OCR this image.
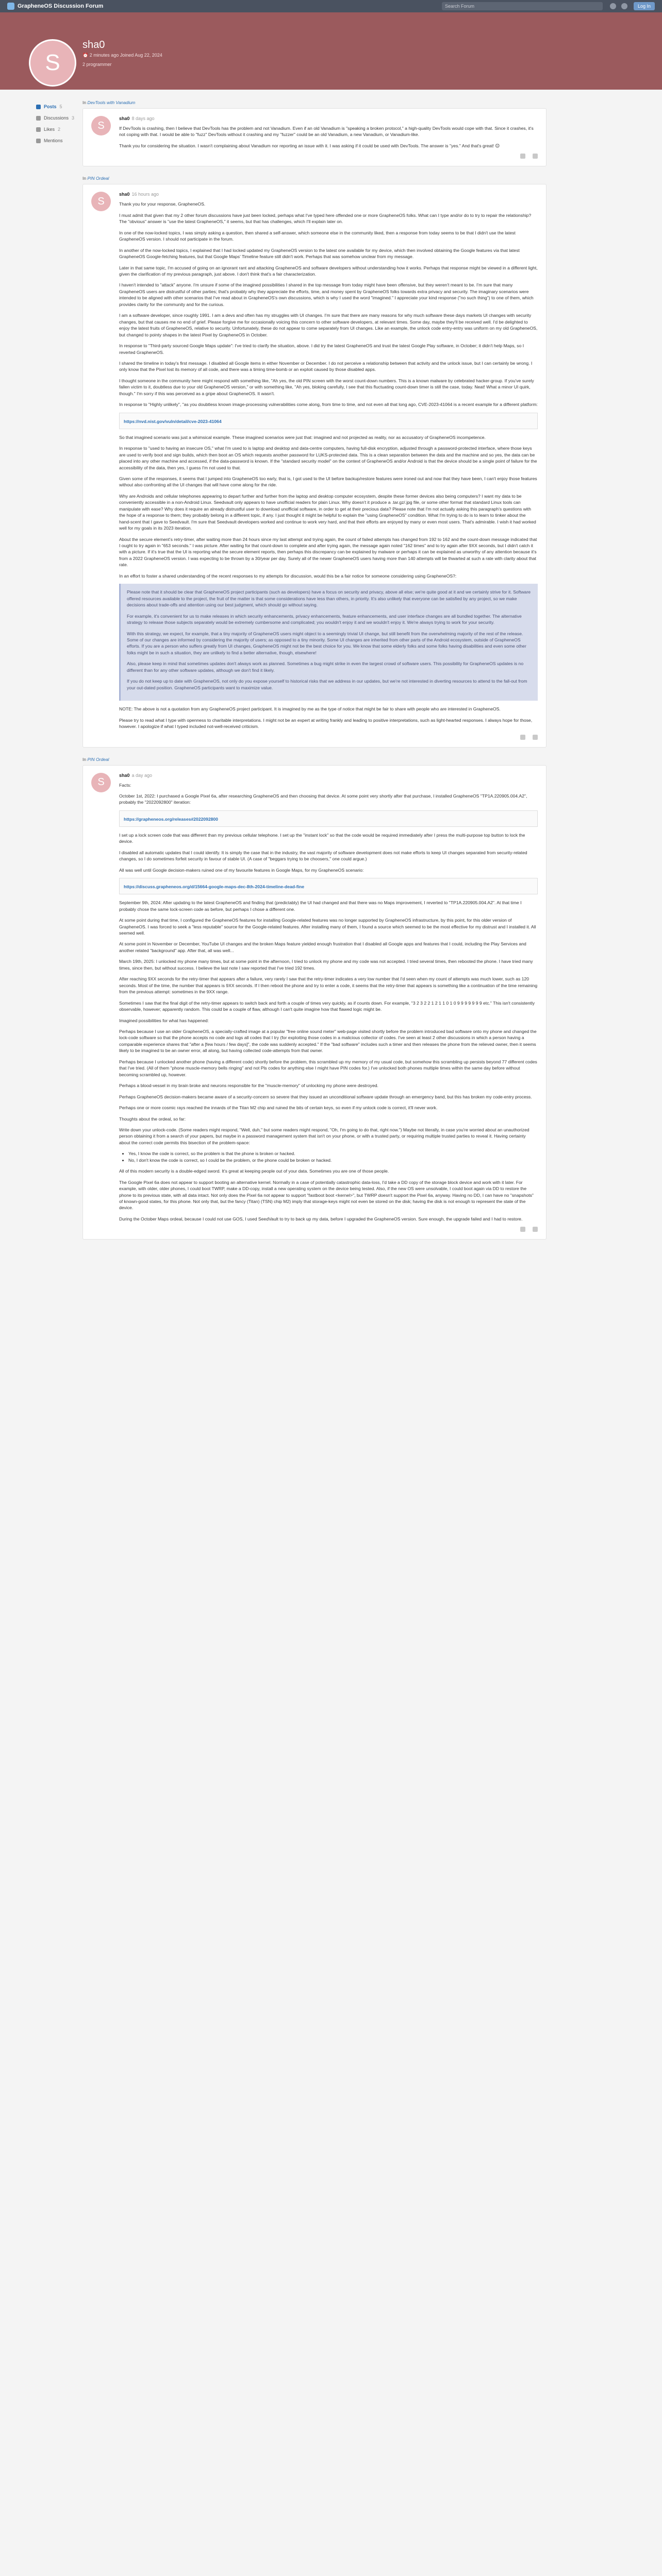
GrapheneOS Discussion Forum	Search Forum	Log In
S
sha0
⏰ 2 minutes ago Joined Aug 22, 2024
2 programmer
Posts 5
Discussions 3
Likes 2
Mentions
In DevTools with Vanadium
S
sha0 8 days ago

If DevTools is crashing, then I believe that DevTools has the problem and not Vanadium. Even if an old Vanadium is "speaking a broken protocol," a high-quality DevTools would cope with that. Since it crashes, it's not coping with that. I would be able to "fuzz" DevTools without it crashing and my "fuzzer" could be an old Vanadium, a new Vanadium, or Vanadium-like.

Thank you for considering the situation. I wasn't complaining about Vanadium nor reporting an issue with it. I was asking if it could be used with DevTools. The answer is "yes." And that's great! 😊

In PIN Ordeal
S
sha0 16 hours ago

Thank you for your response, GrapheneOS.

I must admit that given that my 2 other forum discussions have just been locked, perhaps what I've typed here offended one or more GrapheneOS folks. What can I type and/or do to try to repair the relationship? The "obvious" answer is "use the latest GrapheneOS," it seems, but that has challenges, which I'll explain later on.

In one of the now-locked topics, I was simply asking a question, then shared a self-answer, which someone else in the community liked, then a response from today seems to be that I didn't use the latest GrapheneOS version. I should not participate in the forum.

In another of the now-locked topics, I explained that I had locked updated my GrapheneOS version to the latest one available for my device, which then involved obtaining the Google features via that latest GrapheneOS Google-fetching features, but that Google Maps' Timeline feature still didn't work. Perhaps that was somehow unclear from my message.

Later in that same topic, I'm accused of going on an ignorant rant and attacking GrapheneOS and software developers without understanding how it works. Perhaps that response might be viewed in a different light, given the clarification of my previous paragraph, just above. I don't think that's a fair characterization.

I haven't intended to "attack" anyone. I'm unsure if some of the imagined possibilities I shared in the top message from today might have been offensive, but they weren't meant to be. I'm sure that many GrapheneOS users are distrustful of other parties; that's probably why they appreciate the efforts, time, and money spent by GrapheneOS folks towards extra privacy and security. The imaginary scenarios were intended to be aligned with other scenarios that I've read about in GrapheneOS's own discussions, which is why I used the word "imagined." I appreciate your kind response ("no such thing") to one of them, which provides clarity for the community and for the curious.

I am a software developer, since roughly 1991. I am a devs and often has my struggles with UI changes. I'm sure that there are many reasons for why much software these days markets UI changes with security changes, but that causes me no end of grief. Please forgive me for occasionally voicing this concern to other software developers, at relevant times. Some day, maybe they'll be received well. I'd be delighted to enjoy the latest fruits of GrapheneOS, relative to security. Unfortunately, these do not appear to come separately from UI changes. Like an example, the unlock code entry-entry was uniform on my old GrapheneOS, but changed to pointy shapes in the latest Pixel by GrapheneOS in October.

In response to "Third-party sourced Google Maps update": I've tried to clarify the situation, above. I did try the latest GrapheneOS and trust the latest Google Play software, in October; it didn't help Maps, so I reverted GrapheneOS.

I shared the timeline in today's first message. I disabled all Google items in either November or December. I do not perceive a relationship between that activity and the unlock issue, but I can certainly be wrong. I only know that the Pixel lost its memory of all code, and there was a timing time-bomb or an exploit caused by those disabled apps.

I thought someone in the community here might respond with something like, "Ah yes, the old PIN screen with the worst count-down numbers. This is a known malware by celebrated hacker-group. If you've surely fallen victim to it, doubtless due to your old GrapheneOS version," or with something like, "Ah yes, bloking carefully, I see that this fluctuating count-down timer is still the case, today. Neat! What a minor UI quirk, though." I'm sorry if this was perceived as a gripe about GrapheneOS. It wasn't.

In response to "Highly unlikely", "as you doubtless known image-processing vulnerabilities come along, from time to time, and not even all that long ago, CVE-2023-41064 is a recent example for a different platform:

https://nvd.nist.gov/vuln/detail/cve-2023-41064

So that imagined scenario was just a whimsical example. These imagined scenarios were just that: imagined and not projected as reality, nor as accusatory of GrapheneOS incompetence.

In response to "used to having an insecure OS," what I'm used to is laptop and desktop and data-centre computers, having full-disk encryption, adjusted through a password-protected interface, where those keys are used to verify boot and sign builds, which then boot an OS which requests another password for LUKS-protected data. This is a clean separation between the data and the machine and so yes, the data can be placed into any other machine and accessed, if the data-password is known. If the "standard security model" on the context of GrapheneOS and/or Android is that the device should be a single point of failure for the accessibility of the data, then yes, I guess I'm not used to that.

Given some of the responses, it seems that I jumped into GrapheneOS too early, that is, I got used to the UI before backup/restore features were ironed out and now that they have been, I can't enjoy those features without also confronting all the UI changes that will have come along for the ride.

Why are Androids and cellular telephones appearing to depart further and further from the laptop and desktop computer ecosystem, despite these former devices also being computers? I want my data to be conveniently accessible in a non-Android Linux. Seedvault only appears to have unofficial readers for plain Linux. Why doesn't it produce a .tar.gz/.jpg file, or some other format that standard Linux tools can manipulate with ease? Why does it require an already distrustful user to download unofficial software, in order to get at their precious data? Please note that I'm not actually asking this paragraph's questions with the hope of a response to them; they probably belong in a different topic, if any. I just thought it might be helpful to explain the "using GrapheneOS" condition. What I'm trying to do is to learn to tinker about the hand-scent that I gave to Seedvault. I'm sure that Seedvault developers worked and continue to work very hard, and that their efforts are enjoyed by many or even most users. That's admirable. I wish it had worked well for my goals in its 2023 iteration.

About the secure element's retry-timer, after waiting more than 24 hours since my last attempt and trying again, the count of failed attempts has changed from 192 to 162 and the count-down message indicated that I ought to try again in "653 seconds." I was picture. After waiting for that count-down to complete and after trying again, the message again noted "162 times" and to try again after 9XX seconds, but I didn't catch it with a picture. If it's true that the UI is reporting what the secure element reports, then perhaps this discrepancy can be explained by malware or perhaps it can be explained as unworthy of any attention because it's from a 2022 GrapheneOS version. I was expecting to be thrown by a 30/year per day. Surely all of the newer GrapheneOS users having more than 140 attempts will be thwarted at such a rate with clarity about that rate.

In an effort to foster a shared understanding of the recent responses to my attempts for discussion, would this be a fair notice for someone considering using GrapheneOS?:

Please note that it should be clear that GrapheneOS project participants (such as developers) have a focus on security and privacy, above all else; we're quite good at it and we certainly strive for it. Software offered resources available to the project, the fruit of the matter is that some considerations have less than others, in priority. It's also unlikely that everyone can be satisfied by any project, so we make decisions about trade-offs and attention using our best judgment, which should go without saying.

For example, it's convenient for us to make releases in which security enhancements, privacy enhancements, feature enhancements, and user interface changes are all bundled together. The alternative strategy to release those subjects separately would be extremely cumbersome and complicated; you wouldn't enjoy it and we wouldn't enjoy it. We're always trying to work for your security.

With this strategy, we expect, for example, that a tiny majority of GrapheneOS users might object to a seemingly trivial UI change, but still benefit from the overwhelming majority of the rest of the release. Some of our changes are informed by considering the majority of users; as opposed to a tiny minority. Some UI changes are inherited from other parts of the Android ecosystem, outside of GrapheneOS efforts. If you are a person who suffers greatly from UI changes, GrapheneOS might not be the best choice for you. We know that some elderly folks and some folks having disabilities and even some other folks might be in such a situation, they are unlikely to find a better alternative, though, elsewhere!

Also, please keep in mind that sometimes updates don't always work as planned. Sometimes a bug might strike in even the largest crowd of software users. This possibility for GrapheneOS updates is no different than for any other software updates, although we don't find it likely.

If you do not keep up to date with GrapheneOS, not only do you expose yourself to historical risks that we address in our updates, but we're not interested in diverting resources to attend to the fall-out from your out-dated position. GrapheneOS participants want to maximize value.

NOTE: The above is not a quotation from any GrapheneOS project participant. It is imagined by me as the type of notice that might be fair to share with people who are interested in GrapheneOS.

Please try to read what I type with openness to charitable interpretations. I might not be an expert at writing frankly and leading to positive interpretations, such as light-hearted responses. I always hope for those, however. I apologize if what I typed included not-well-received criticism.

In PIN Ordeal
S
sha0 a day ago

Facts:

October 1st, 2022: I purchased a Google Pixel 6a, after researching GrapheneOS and then choosing that device. At some point very shortly after that purchase, I installed GrapheneOS "TP1A.220905.004.A2", probably the "2022092800" iteration:

https://grapheneos.org/releases#2022092800

I set up a lock screen code that was different than my previous cellular telephone. I set up the "instant lock" so that the code would be required immediately after I press the multi-purpose top button to lock the device.

I disabled all automatic updates that I could identify. It is simply the case that in the industry, the vast majority of software development does not make efforts to keep UI changes separated from security-related changes, so I do sometimes forfeit security in favour of stable UI. (A case of "beggars trying to be choosers," one could argue.)

All was well until Google decision-makers ruined one of my favourite features in Google Maps, for my GrapheneOS scenario:

https://discuss.grapheneos.org/d/15664-google-maps-dec-8th-2024-timeline-dead-fine

September 9th, 2024: After updating to the latest GrapheneOS and finding that (predictably) the UI had changed and that there was no Maps improvement, I reverted to "TP1A.220905.004.A2". At that time I probably chose the same lock-screen code as before, but perhaps I chose a different one.

At some point during that time, I configured the GrapheneOS features for installing Google-related features was no longer supported by GrapheneOS infrastructure, by this point, for this older version of GrapheneOS. I was forced to seek a "less reputable" source for the Google-related features. After installing many of them, I found a source which seemed to be the most effective for my distrust and I installed it. All seemed well.

At some point in November or December, YouTube UI changes and the broken Maps feature yielded enough frustration that I disabled all Google apps and features that I could, including the Play Services and another related "background" app. After that, all was well...

March 19th, 2025: I unlocked my phone many times, but at some point in the afternoon, I tried to unlock my phone and my code was not accepted. I tried several times, then rebooted the phone. I have tried many times, since then, but without success. I believe the last note I saw reported that I've tried 192 times.

After reaching 9XX seconds for the retry-timer that appears after a failure, very rarely I saw that the retry-timer indicates a very low number that I'd seen when my count of attempts was much lower, such as 120 seconds. Most of the time, the number that appears is 9XX seconds. If I then reboot the phone and try to enter a code, it seems that the retry-timer that appears is something like a continuation of the time remaining from the previous attempt: sometimes in the 9XX range.

Sometimes I saw that the final digit of the retry-timer appears to switch back and forth a couple of times very quickly, as if counts down. For example, "3 2 3 2 2 1 2 1 1 0 1 0 9 9 9 9 9 9 9 etc." This isn't consistently observable, however; apparently random. This could be a couple of flaw, although I can't quite imagine how that flawed logic might be.

Imagined possibilities for what has happened:

Perhaps because I use an older GrapheneOS, a specially-crafted image at a popular "free online sound meter" web-page visited shortly before the problem introduced bad software onto my phone and changed the lock-code software so that the phone accepts no code and logs all codes that I try (for exploiting those codes in a malicious collector of codes. I've seen at least 2 other discussions in which a person having a comparable experience shares that "after a [few hours / few days]", the code was suddenly accepted." If the "bad software" includes such a timer and then releases the phone from the relieved owner, then it seems likely to be imagined to be an owner error, all along, but having collected code-attempts from that owner.

Perhaps because I unlocked another phone (having a different code) shortly before the problem, this scrambled up my memory of my usual code, but somehow this scrambling up persists beyond 77 different codes that I've tried. (All of them "phone muscle-memory bells ringing" and not Pls codes for anything else I might have PIN codes for.) I've unlocked both phones multiple times within the same day before without becoming scrambled up, however.

Perhaps a blood-vessel in my brain broke and neurons responsible for the "muscle-memory" of unlocking my phone were destroyed.

Perhaps GrapheneOS decision-makers became aware of a security-concern so severe that they issued an unconditional software update through an emergency band, but this has broken my code-entry process.

Perhaps one or more cosmic rays reached the innards of the Titan M2 chip and ruined the bits of certain keys, so even if my unlock code is correct, it'll never work.

Thoughts about the ordeal, so far:

Write down your unlock-code. (Some readers might respond, "Well, duh," but some readers might respond, "Oh, I'm going to do that, right now.") Maybe not literally, in case you're worried about an unauthorized person obtaining it from a search of your papers, but maybe in a password management system that isn't on your phone, or with a trusted party, or requiring multiple trusted parties to reveal it. Having certainty about the correct code permits this bisection of the problem-space:

• Yes, I know the code is correct, so the problem is that the phone is broken or hacked.
• No, I don't know the code is correct, so I could be the problem, or the phone could be broken or hacked.

All of this modern security is a double-edged sword. It's great at keeping people out of your data. Sometimes you are one of those people.

The Google Pixel 6a does not appear to support booting an alternative kernel. Normally in a case of potentially catastrophic data-loss, I'd take a DD copy of the storage block device and work with it later. For example, with older, older phones, I could boot TWRP, make a DD-copy, install a new operating system on the device being tested. Also, if the new OS were unsolvable, I could boot again via DD to restore the phone to its previous state, with all data intact. Not only does the Pixel 6a not appear to support "fastboot boot <kernel>", but TWRP doesn't support the Pixel 6a, anyway. Having no DD, I can have no "snapshots" of known-good states, for this phone. Not only that, but the fancy (Titan) (TSN) chip M2) imply that storage-keys might not even be stored on the disk; having the disk is not enough to represent the state of the device.

During the October Maps ordeal, because I could not use GOS, I used SeedVault to try to back up my data, before I upgraded the GrapheneOS version. Sure enough, the upgrade failed and I had to restore.
